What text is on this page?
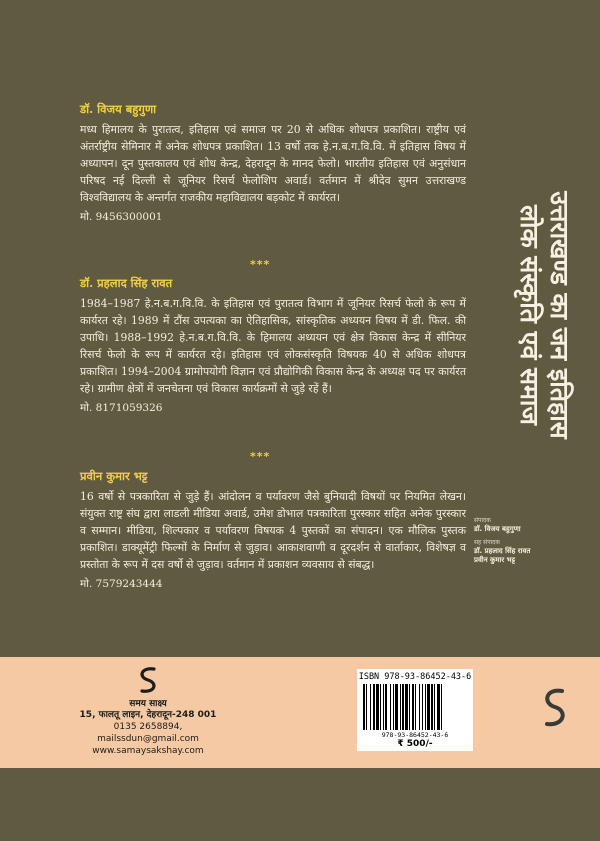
डॉ. विजय बहुगुणा

मध्य हिमालय के पुरातत्व, इतिहास एवं समाज पर 20 से अधिक शोधपत्र प्रकाशित। राष्ट्रीय एवं अंतर्राष्ट्रीय सेमिनार में अनेक शोधपत्र प्रकाशित। 13 वर्षो तक हे.न.ब.ग.वि.वि. में इतिहास विषय में अध्यापन। दून पुस्तकालय एवं शोध केन्द्र, देहरादून के मानद फेलो। भारतीय इतिहास एवं अनुसंधान परिषद नई दिल्ली से जूनियर रिसर्च फेलोशिप अवार्ड। वर्तमान में श्रीदेव सुमन उत्तराखण्ड विश्वविद्यालय के अन्तर्गत राजकीय महाविद्यालय बड़कोट में कार्यरत।

मो. 9456300001

***
डॉ. प्रहलाद सिंह रावत

1984–1987 हे.न.ब.ग.वि.वि. के इतिहास एवं पुरातत्व विभाग में जूनियर रिसर्च फेलो के रूप में कार्यरत रहे। 1989 में टौंस उपत्यका का ऐतिहासिक, सांस्कृतिक अध्ययन विषय में डी. फिल. की उपाधि। 1988–1992 हे.न.ब.ग.वि.वि. के हिमालय अध्ययन एवं क्षेत्र विकास केन्द्र में सीनियर रिसर्च फेलो के रूप में कार्यरत रहे। इतिहास एवं लोकसंस्कृति विषयक 40 से अधिक शोधपत्र प्रकाशित। 1994–2004 ग्रामोपयोगी विज्ञान एवं प्रौद्योगिकी विकास केन्द्र के अध्यक्ष पद पर कार्यरत रहे। ग्रामीण क्षेत्रों में जनचेतना एवं विकास कार्यक्रमों से जुड़े रहें हैं।

मो. 8171059326

***
प्रवीन कुमार भट्ट

16 वर्षो से पत्रकारिता से जुड़े हैं। आंदोलन व पर्यावरण जैसे बुनियादी विषयों पर नियमित लेखन। संयुक्त राष्ट्र संघ द्वारा लाडली मीडिया अवार्ड, उमेश डोभाल पत्रकारिता पुरस्कार सहित अनेक पुरस्कार व सम्मान। मीडिया, शिल्पकार व पर्यावरण विषयक 4 पुस्तकों का संपादन। एक मौलिक पुस्तक प्रकाशित। डाक्यूमेंट्री फिल्मों के निर्माण से जुड़ाव। आकाशवाणी व दूरदर्शन से वार्ताकार, विशेषज्ञ व प्रस्तोता के रूप में दस वर्षो से जुड़ाव। वर्तमान में प्रकाशन व्यवसाय से संबद्ध।

मो. 7579243444

उत्तराखण्ड का जन इतिहास
लोक संस्कृति एवं समाज
संपादक
डॉ. विजय बहुगुणा
सह संपादक
डॉ. प्रहलाद सिंह रावत
प्रवीन कुमार भट्ट
समय साक्ष्य
15, फालतू लाइन, देहरादून-248 001
0135 2658894, mailssdun@gmail.com
www.samaysakshay.com
ISBN 978-93-86452-43-6
978-93-86452-43-6
₹ 500/-
